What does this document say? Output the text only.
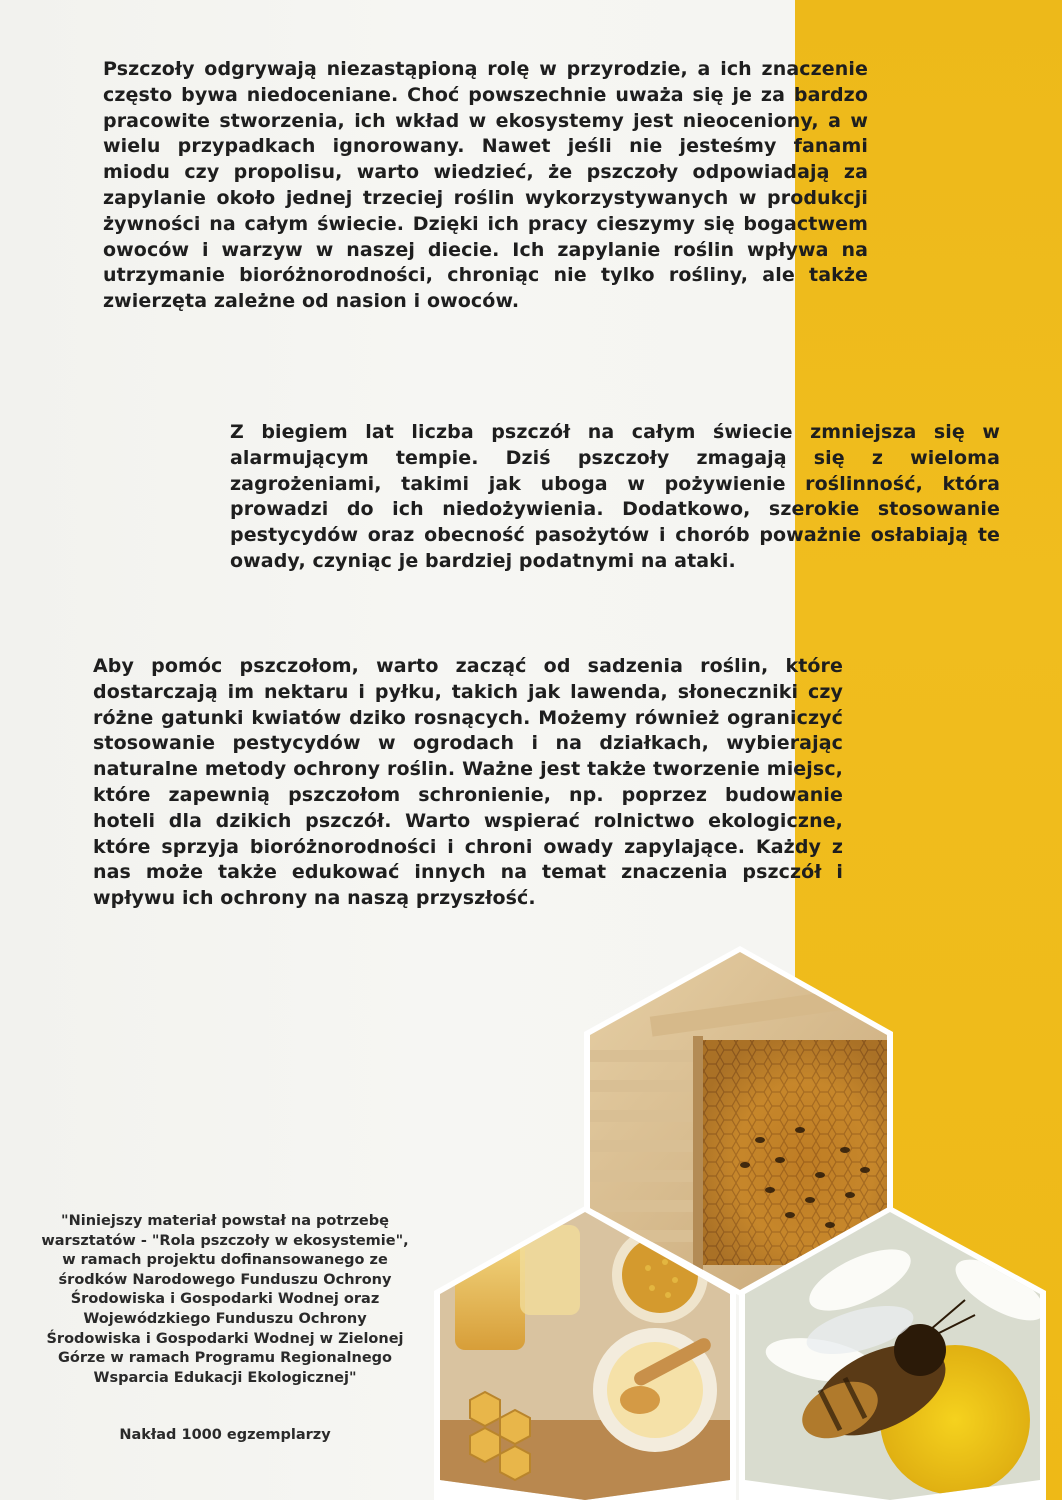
Pszczoły odgrywają niezastąpioną rolę w przyrodzie, a ich znaczenie często bywa niedoceniane. Choć powszechnie uważa się je za bardzo pracowite stworzenia, ich wkład w ekosystemy jest nieoceniony, a w wielu przypadkach ignorowany. Nawet jeśli nie jesteśmy fanami miodu czy propolisu, warto wiedzieć, że pszczoły odpowiadają za zapylanie około jednej trzeciej roślin wykorzystywanych w produkcji żywności na całym świecie. Dzięki ich pracy cieszymy się bogactwem owoców i warzyw w naszej diecie. Ich zapylanie roślin wpływa na utrzymanie bioróżnorodności, chroniąc nie tylko rośliny, ale także zwierzęta zależne od nasion i owoców.

Z biegiem lat liczba pszczół na całym świecie zmniejsza się w alarmującym tempie. Dziś pszczoły zmagają się z wieloma zagrożeniami, takimi jak uboga w pożywienie roślinność, która prowadzi do ich niedożywienia. Dodatkowo, szerokie stosowanie pestycydów oraz obecność pasożytów i chorób poważnie osłabiają te owady, czyniąc je bardziej podatnymi na ataki.

Aby pomóc pszczołom, warto zacząć od sadzenia roślin, które dostarczają im nektaru i pyłku, takich jak lawenda, słoneczniki czy różne gatunki kwiatów dziko rosnących. Możemy również ograniczyć stosowanie pestycydów w ogrodach i na działkach, wybierając naturalne metody ochrony roślin. Ważne jest także tworzenie miejsc, które zapewnią pszczołom schronienie, np. poprzez budowanie hoteli dla dzikich pszczół. Warto wspierać rolnictwo ekologiczne, które sprzyja bioróżnorodności i chroni owady zapylające. Każdy z nas może także edukować innych na temat znaczenia pszczół i wpływu ich ochrony na naszą przyszłość.

"Niniejszy materiał powstał na potrzebę warsztatów - "Rola pszczoły w ekosystemie", w ramach projektu dofinansowanego ze środków Narodowego Funduszu Ochrony Środowiska i Gospodarki Wodnej oraz Wojewódzkiego Funduszu Ochrony Środowiska i Gospodarki Wodnej w Zielonej Górze w ramach Programu Regionalnego Wsparcia Edukacji Ekologicznej"

Nakład 1000 egzemplarzy
